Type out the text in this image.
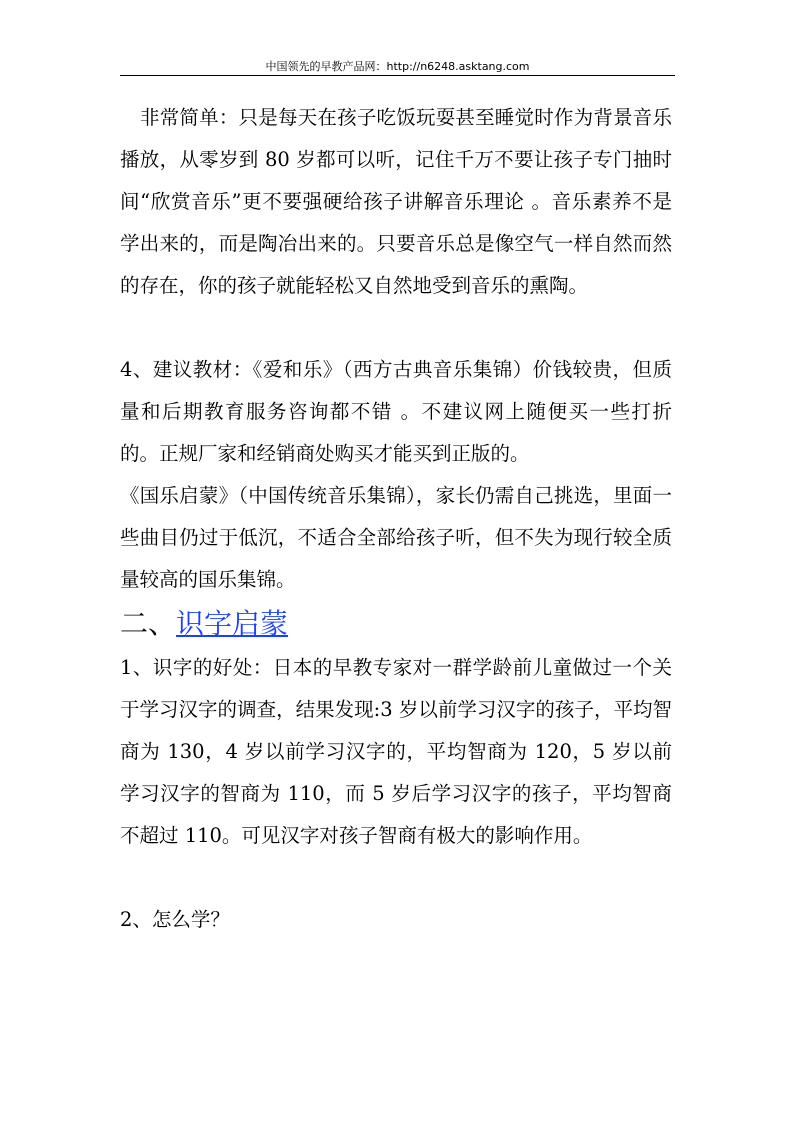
中国领先的早教产品网：http://n6248.asktang.com

非常简单：只是每天在孩子吃饭玩耍甚至睡觉时作为背景音乐播放，从零岁到 80 岁都可以听，记住千万不要让孩子专门抽时间“欣赏音乐”更不要强硬给孩子讲解音乐理论 。音乐素养不是学出来的，而是陶冶出来的。只要音乐总是像空气一样自然而然的存在，你的孩子就能轻松又自然地受到音乐的熏陶。

4、建议教材：《爱和乐》（西方古典音乐集锦）价钱较贵，但质量和后期教育服务咨询都不错 。不建议网上随便买一些打折的。正规厂家和经销商处购买才能买到正版的。

《国乐启蒙》（中国传统音乐集锦），家长仍需自己挑选，里面一些曲目仍过于低沉，不适合全部给孩子听，但不失为现行较全质量较高的国乐集锦。

二、识字启蒙

1、识字的好处：日本的早教专家对一群学龄前儿童做过一个关于学习汉字的调查，结果发现:3 岁以前学习汉字的孩子，平均智商为 130，4 岁以前学习汉字的，平均智商为 120，5 岁以前学习汉字的智商为 110，而 5 岁后学习汉字的孩子，平均智商不超过 110。可见汉字对孩子智商有极大的影响作用。

2、怎么学？
